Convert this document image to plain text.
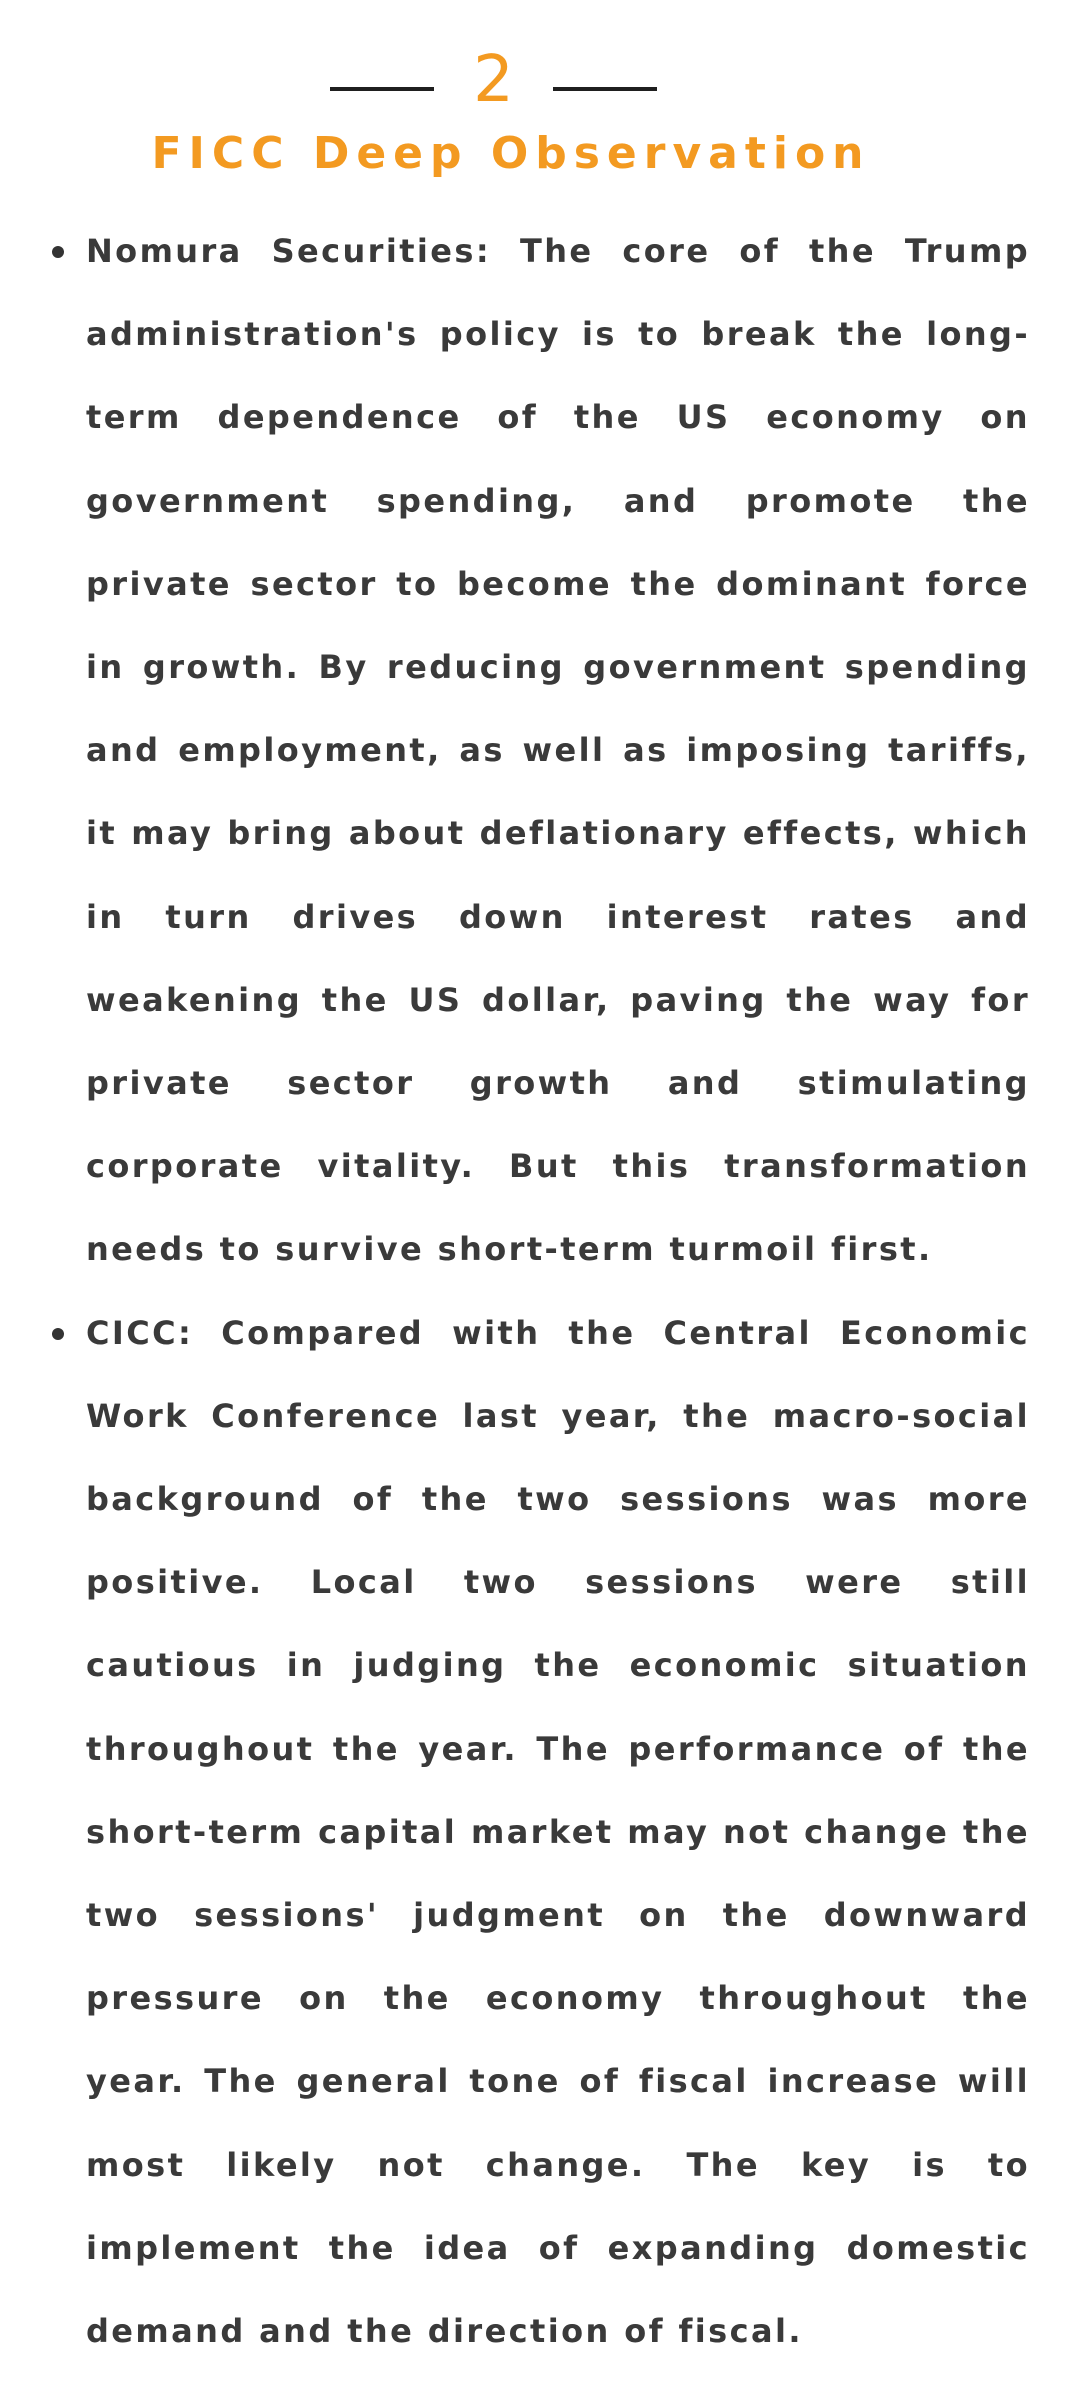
2
FICC Deep Observation
Nomura Securities: The core of the Trump administration's policy is to break the long-term dependence of the US economy on government spending, and promote the private sector to become the dominant force in growth. By reducing government spending and employment, as well as imposing tariffs, it may bring about deflationary effects, which in turn drives down interest rates and weakening the US dollar, paving the way for private sector growth and stimulating corporate vitality. But this transformation needs to survive short-term turmoil first.
CICC: Compared with the Central Economic Work Conference last year, the macro-social background of the two sessions was more positive. Local two sessions were still cautious in judging the economic situation throughout the year. The performance of the short-term capital market may not change the two sessions' judgment on the downward pressure on the economy throughout the year. The general tone of fiscal increase will most likely not change. The key is to implement the idea of expanding domestic demand and the direction of fiscal.
